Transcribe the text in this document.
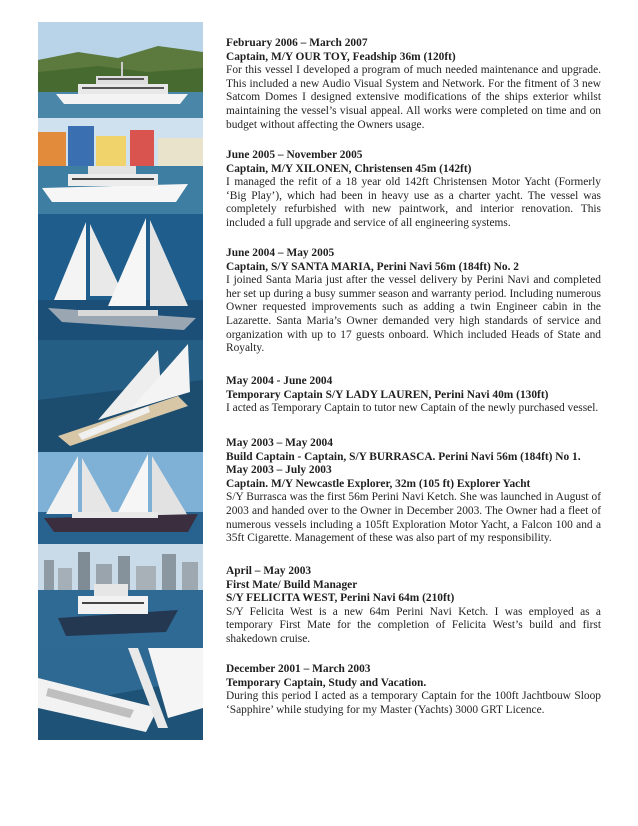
February 2006 – March 2007
Captain, M/Y OUR TOY, Feadship 36m (120ft)

For this vessel I developed a program of much needed maintenance and upgrade. This included a new Audio Visual System and Network. For the fitment of 3 new Satcom Domes I designed extensive modifications of the ships exterior whilst maintaining the vessel’s visual appeal. All works were completed on time and on budget without affecting the Owners usage.

June 2005 – November 2005
Captain, M/Y XILONEN, Christensen 45m (142ft)

I managed the refit of a 18 year old 142ft Christensen Motor Yacht (Formerly ‘Big Play’), which had been in heavy use as a charter yacht. The vessel was completely refurbished with new paintwork, and interior renovation. This included a full upgrade and service of all engineering systems.

June 2004 – May 2005
Captain, S/Y SANTA MARIA, Perini Navi 56m (184ft) No. 2

I joined Santa Maria just after the vessel delivery by Perini Navi and completed her set up during a busy summer season and warranty period. Including numerous Owner requested improvements such as adding a twin Engineer cabin in the Lazarette. Santa Maria’s Owner demanded very high standards of service and organization with up to 17 guests onboard. Which included Heads of State and Royalty.

May 2004 - June 2004
Temporary Captain S/Y LADY LAUREN, Perini Navi 40m (130ft)

I acted as Temporary Captain to tutor new Captain of the newly purchased vessel.

May 2003 – May 2004
Build Captain - Captain, S/Y BURRASCA. Perini Navi 56m (184ft) No 1.
May 2003 – July 2003
Captain. M/Y Newcastle Explorer, 32m (105 ft) Explorer Yacht

S/Y Burrasca was the first 56m Perini Navi Ketch. She was launched in August of 2003 and handed over to the Owner in December 2003. The Owner had a fleet of numerous vessels including a 105ft Exploration Motor Yacht, a Falcon 100 and a 35ft Cigarette. Management of these was also part of my responsibility.

April – May 2003
First Mate/ Build Manager
S/Y FELICITA WEST, Perini Navi 64m (210ft)

S/Y Felicita West is a new 64m Perini Navi Ketch. I was employed as a temporary First Mate for the completion of Felicita West’s build and first shakedown cruise.

December 2001 – March 2003
Temporary Captain, Study and Vacation.

During this period I acted as a temporary Captain for the 100ft Jachtbouw Sloop ‘Sapphire’ while studying for my Master (Yachts) 3000 GRT Licence.
